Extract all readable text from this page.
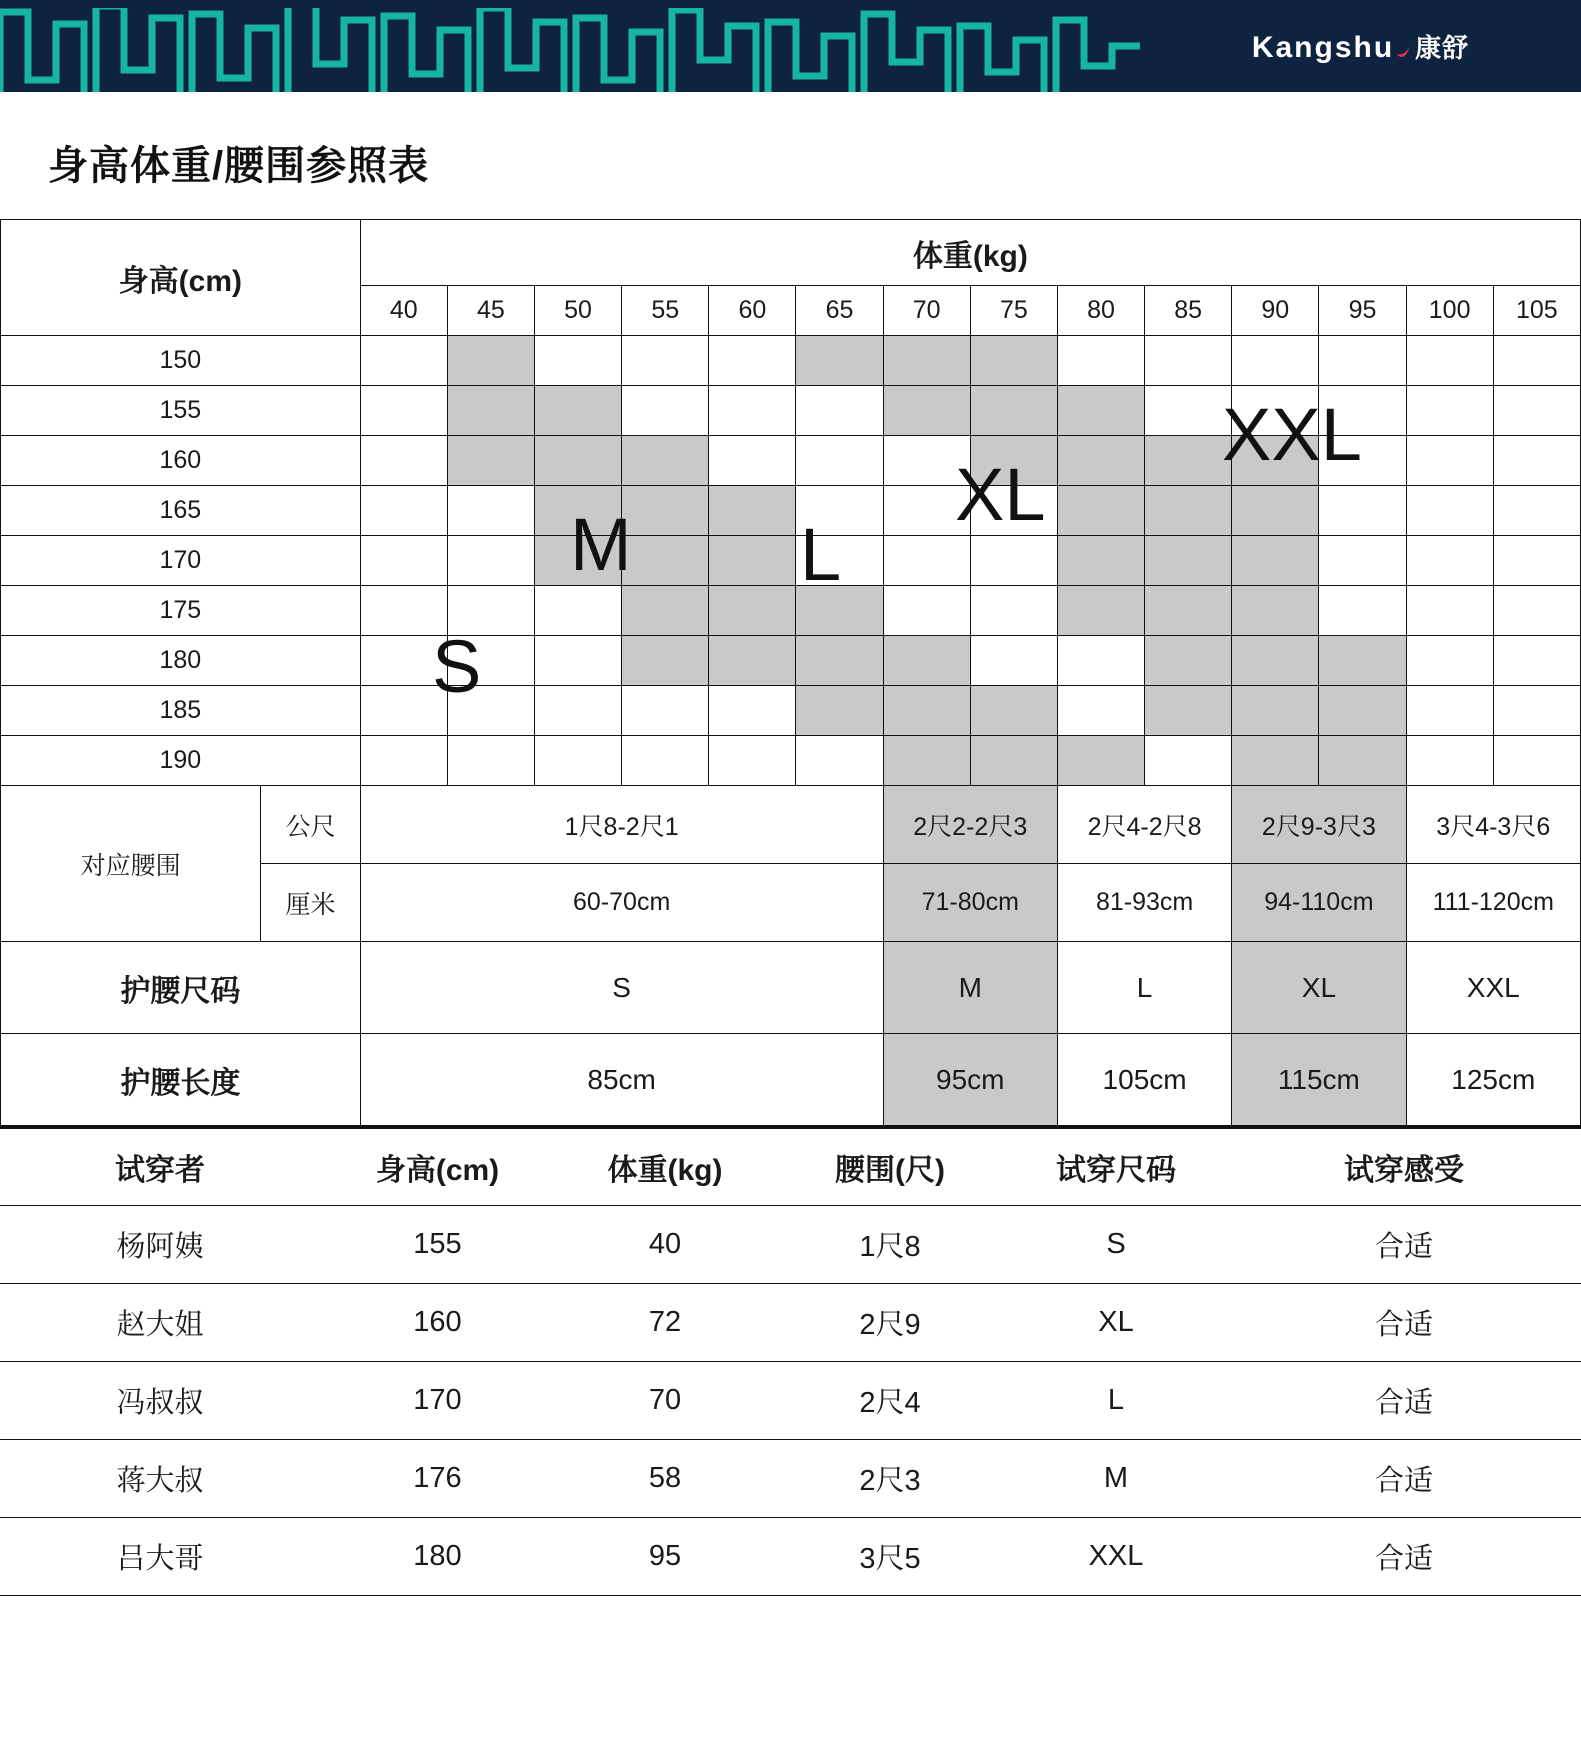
Kangshu 康舒
身高体重/腰围参照表
身高(cm)		体重(kg)													
		40	45	50	55	60	65	70	75	80	85	90	95	100	105
150															
155															
160															
165															
170															
175															
180															
185															
190															
对应腰围	公尺	1尺8-2尺1						2尺2-2尺3		2尺4-2尺8		2尺9-3尺3		3尺4-3尺6	
	厘米	60-70cm						71-80cm		81-93cm		94-110cm		111-120cm	
护腰尺码		S						M		L		XL		XXL	
护腰长度		85cm						95cm		105cm		115cm		125cm	
S
M L
XL
XXL
试穿者	身高(cm)	体重(kg)	腰围(尺)	试穿尺码	试穿感受
杨阿姨	155	40	1尺8	S	合适
赵大姐	160	72	2尺9	XL	合适
冯叔叔	170	70	2尺4	L	合适
蒋大叔	176	58	2尺3	M	合适
吕大哥	180	95	3尺5	XXL	合适
